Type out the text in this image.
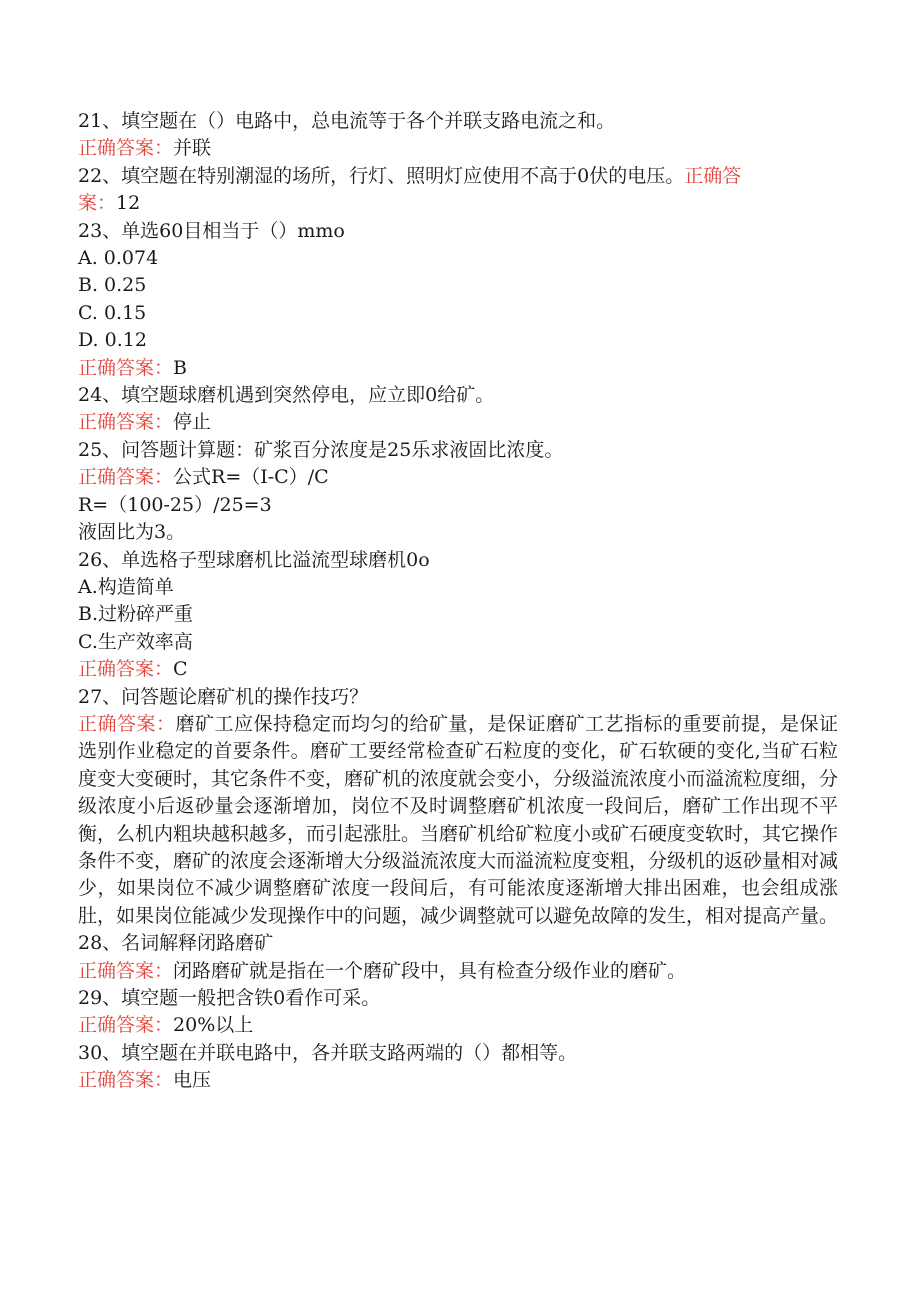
21、填空题在（）电路中，总电流等于各个并联支路电流之和。
正确答案：并联
22、填空题在特别潮湿的场所，行灯、照明灯应使用不高于0伏的电压。正确答
案：12
23、单选60目相当于（）mmo
A. 0.074
B. 0.25
C. 0.15
D. 0.12
正确答案：B
24、填空题球磨机遇到突然停电，应立即0给矿。
正确答案：停止
25、问答题计算题：矿浆百分浓度是25乐求液固比浓度。
正确答案：公式R=（I-C）/C
R=（100-25）/25=3
液固比为3。
26、单选格子型球磨机比溢流型球磨机0o
A.构造简单
B.过粉碎严重
C.生产效率高
正确答案：C
27、问答题论磨矿机的操作技巧？
正确答案：磨矿工应保持稳定而均匀的给矿量，是保证磨矿工艺指标的重要前提，是保证选别作业稳定的首要条件。磨矿工要经常检查矿石粒度的变化，矿石软硬的变化,当矿石粒度变大变硬时，其它条件不变，磨矿机的浓度就会变小，分级溢流浓度小而溢流粒度细，分级浓度小后返砂量会逐渐增加，岗位不及时调整磨矿机浓度一段间后，磨矿工作出现不平衡，么机内粗块越积越多，而引起涨肚。当磨矿机给矿粒度小或矿石硬度变软时，其它操作条件不变，磨矿的浓度会逐渐增大分级溢流浓度大而溢流粒度变粗，分级机的返砂量相对减少，如果岗位不减少调整磨矿浓度一段间后，有可能浓度逐渐增大排出困难，也会组成涨肚，如果岗位能减少发现操作中的问题，减少调整就可以避免故障的发生，相对提高产量。
28、名词解释闭路磨矿
正确答案：闭路磨矿就是指在一个磨矿段中，具有检查分级作业的磨矿。
29、填空题一般把含铁0看作可采。
正确答案：20%以上
30、填空题在并联电路中，各并联支路两端的（）都相等。
正确答案：电压
